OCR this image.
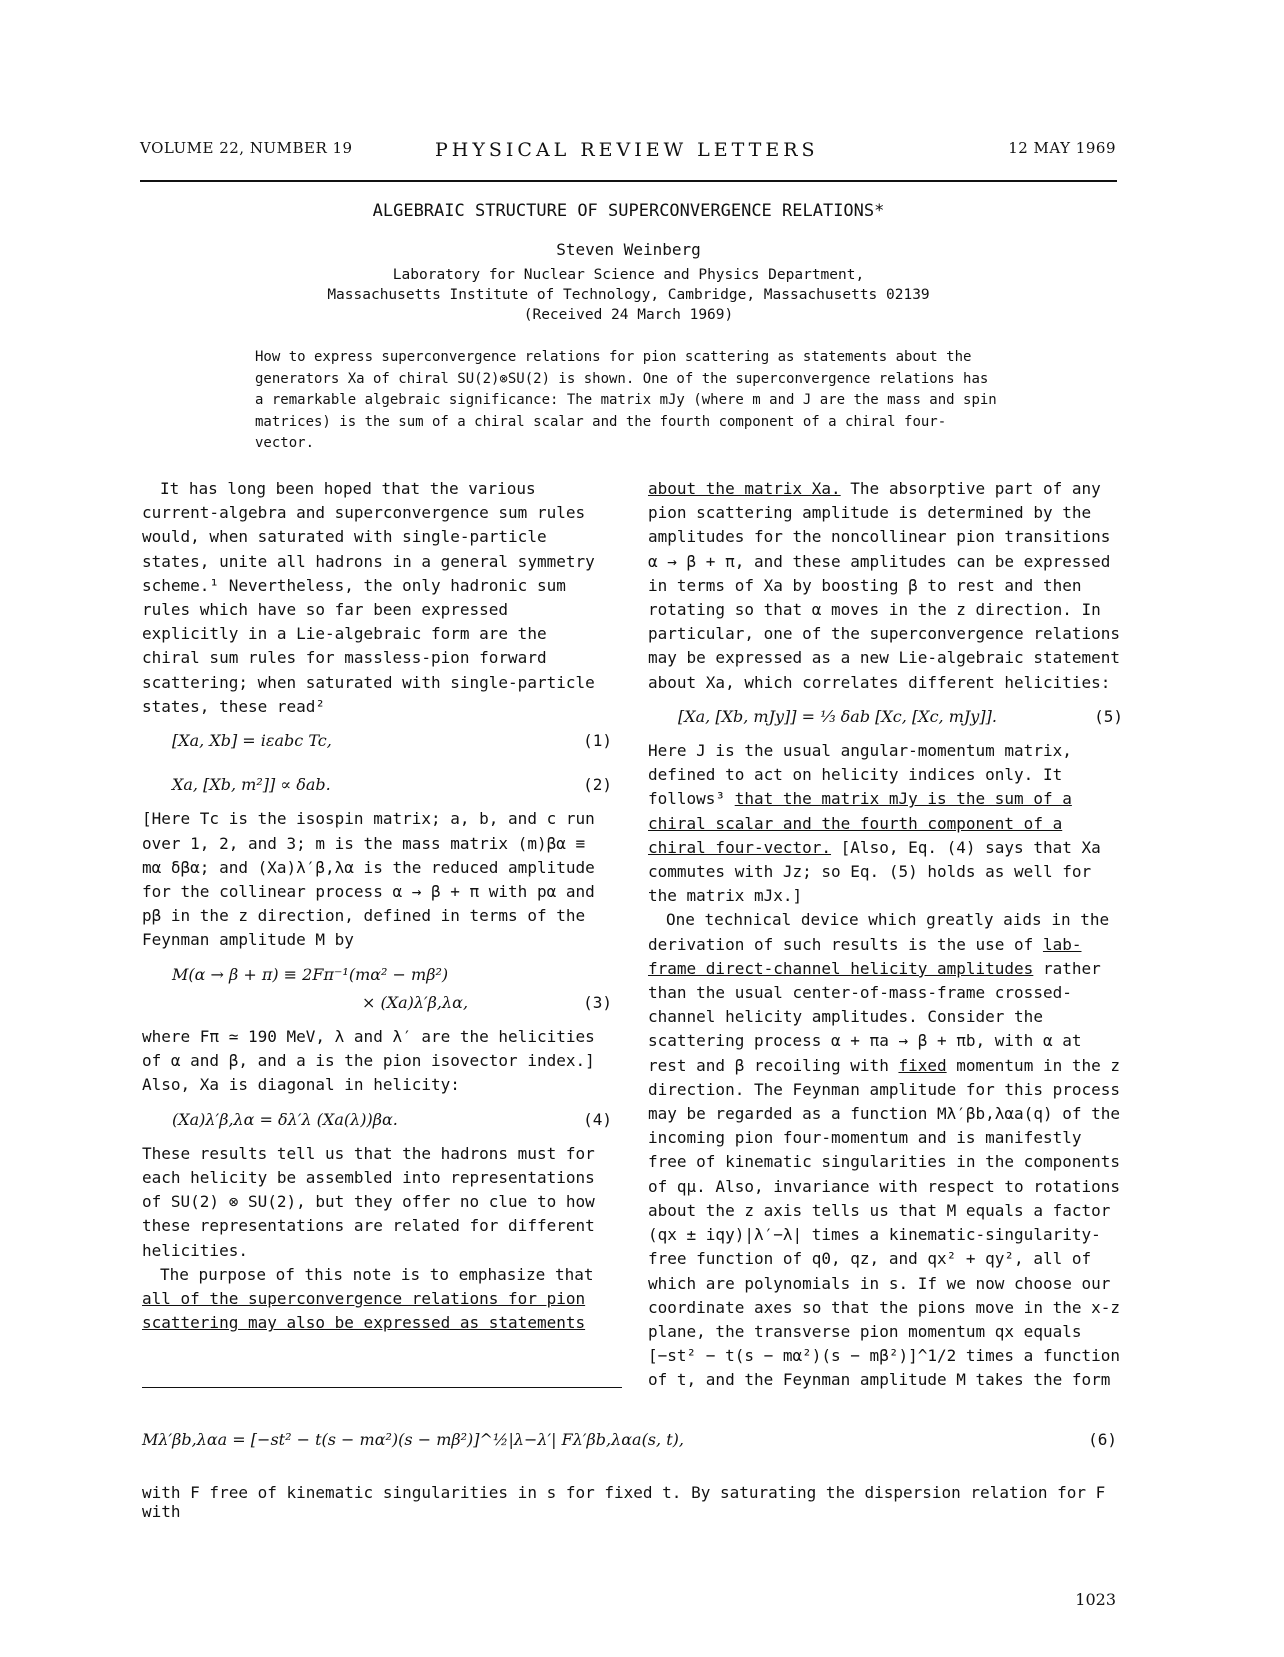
VOLUME 22, NUMBER 19	PHYSICAL REVIEW LETTERS	12 MAY 1969
ALGEBRAIC STRUCTURE OF SUPERCONVERGENCE RELATIONS*
Steven Weinberg
Laboratory for Nuclear Science and Physics Department,
Massachusetts Institute of Technology, Cambridge, Massachusetts 02139
(Received 24 March 1969)
How to express superconvergence relations for pion scattering as statements about the generators Xa of chiral SU(2)⊗SU(2) is shown. One of the superconvergence relations has a remarkable algebraic significance: The matrix mJy (where m and J are the mass and spin matrices) is the sum of a chiral scalar and the fourth component of a chiral four-vector.

It has long been hoped that the various current-algebra and superconvergence sum rules would, when saturated with single-particle states, unite all hadrons in a general symmetry scheme.¹ Nevertheless, the only hadronic sum rules which have so far been expressed explicitly in a Lie-algebraic form are the chiral sum rules for massless-pion forward scattering; when saturated with single-particle states, these read²

[Xa, Xb] = iεabc Tc,	(1)
Xa, [Xb, m²]] ∝ δab.	(2)

[Here Tc is the isospin matrix; a, b, and c run over 1, 2, and 3; m is the mass matrix (m)βα ≡ mα δβα; and (Xa)λ′β,λα is the reduced amplitude for the collinear process α → β + π with pα and pβ in the z direction, defined in terms of the Feynman amplitude M by

M(α → β + π) ≡ 2Fπ⁻¹(mα² − mβ²)
× (Xa)λ′β,λα,	(3)

where Fπ ≃ 190 MeV, λ and λ′ are the helicities of α and β, and a is the pion isovector index.] Also, Xa is diagonal in helicity:

(Xa)λ′β,λα = δλ′λ (Xa(λ))βα.	(4)

These results tell us that the hadrons must for each helicity be assembled into representations of SU(2) ⊗ SU(2), but they offer no clue to how these representations are related for different helicities.

The purpose of this note is to emphasize that

all of the superconvergence relations for pion

scattering may also be expressed as statements

about the matrix Xa. The absorptive part of any pion scattering amplitude is determined by the amplitudes for the noncollinear pion transitions α → β + π, and these amplitudes can be expressed in terms of Xa by boosting β to rest and then rotating so that α moves in the z direction. In particular, one of the superconvergence relations may be expressed as a new Lie-algebraic statement about Xa, which correlates different helicities:

[Xa, [Xb, mJy]] = ⅓ δab [Xc, [Xc, mJy]].	(5)

Here J is the usual angular-momentum matrix, defined to act on helicity indices only. It follows³ that the matrix mJy is the sum of a chiral scalar and the fourth component of a chiral four-vector. [Also, Eq. (4) says that Xa commutes with Jz; so Eq. (5) holds as well for the matrix mJx.]

One technical device which greatly aids in the derivation of such results is the use of lab-frame direct-channel helicity amplitudes rather than the usual center-of-mass-frame crossed-channel helicity amplitudes. Consider the scattering process α + πa → β + πb, with α at rest and β recoiling with fixed momentum in the z direction. The Feynman amplitude for this process may be regarded as a function Mλ′βb,λαa(q) of the incoming pion four-momentum and is manifestly free of kinematic singularities in the components of qμ. Also, invariance with respect to rotations about the z axis tells us that M equals a factor (qx ± iqy)|λ′−λ| times a kinematic-singularity-free function of q0, qz, and qx² + qy², all of which are polynomials in s. If we now choose our coordinate axes so that the pions move in the x-z plane, the transverse pion momentum qx equals [−st² − t(s − mα²)(s − mβ²)]^1/2 times a function of t, and the Feynman amplitude M takes the form

Mλ′βb,λαa = [−st² − t(s − mα²)(s − mβ²)]^½|λ−λ′| Fλ′βb,λαa(s, t),	(6)
with F free of kinematic singularities in s for fixed t. By saturating the dispersion relation for F with
1023
